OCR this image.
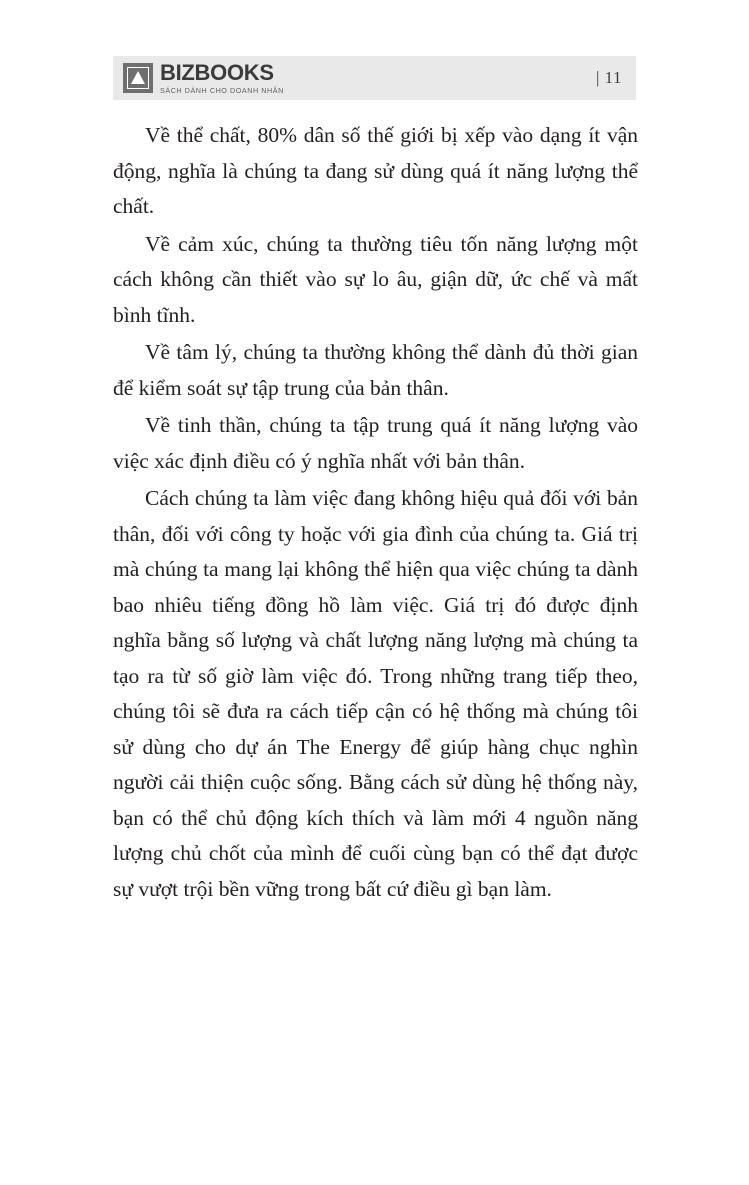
BIZBOOKS
SÁCH DÀNH CHO DOANH NHÂN
| 11

Về thể chất, 80% dân số thế giới bị xếp vào dạng ít vận động, nghĩa là chúng ta đang sử dùng quá ít năng lượng thể chất.

Về cảm xúc, chúng ta thường tiêu tốn năng lượng một cách không cần thiết vào sự lo âu, giận dữ, ức chế và mất bình tĩnh.

Về tâm lý, chúng ta thường không thể dành đủ thời gian để kiểm soát sự tập trung của bản thân.

Về tinh thần, chúng ta tập trung quá ít năng lượng vào việc xác định điều có ý nghĩa nhất với bản thân.

Cách chúng ta làm việc đang không hiệu quả đối với bản thân, đối với công ty hoặc với gia đình của chúng ta. Giá trị mà chúng ta mang lại không thể hiện qua việc chúng ta dành bao nhiêu tiếng đồng hồ làm việc. Giá trị đó được định nghĩa bằng số lượng và chất lượng năng lượng mà chúng ta tạo ra từ số giờ làm việc đó. Trong những trang tiếp theo, chúng tôi sẽ đưa ra cách tiếp cận có hệ thống mà chúng tôi sử dùng cho dự án The Energy để giúp hàng chục nghìn người cải thiện cuộc sống. Bằng cách sử dùng hệ thống này, bạn có thể chủ động kích thích và làm mới 4 nguồn năng lượng chủ chốt của mình để cuối cùng bạn có thể đạt được sự vượt trội bền vững trong bất cứ điều gì bạn làm.
